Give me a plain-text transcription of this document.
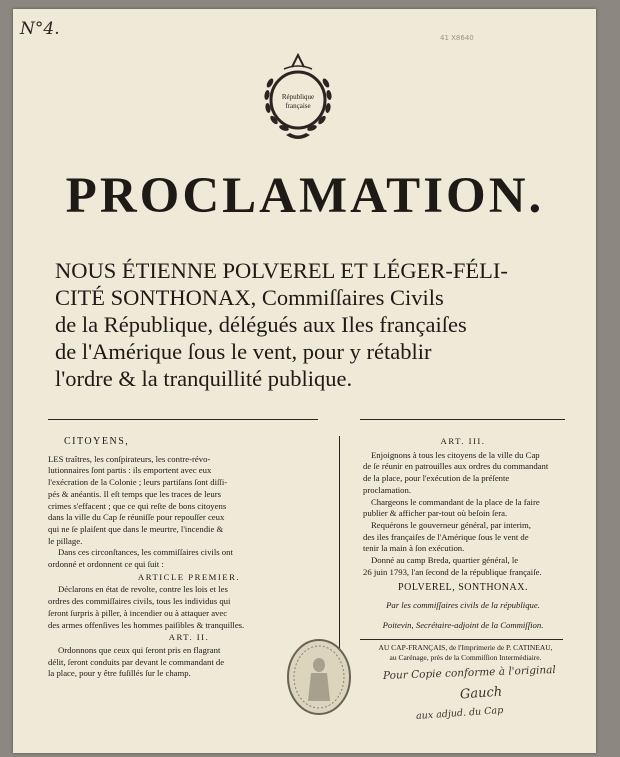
N°4.	41 X8640
République
française
PROCLAMATION.
NOUS ÉTIENNE POLVEREL ET LÉGER-FÉLI-
CITÉ SONTHONAX, Commiſſaires Civils
de la République, délégués aux Iles françaiſes
de l'Amérique ſous le vent, pour y rétablir
l'ordre & la tranquillité publique.

CITOYENS,

LES traîtres, les conſpirateurs, les contre-révo-

lutionnaires ſont partis : ils emportent avec eux

l'exécration de la Colonie ; leurs partiſans ſont diſſi-

pés & anéantis. Il eſt temps que les traces de leurs

crimes s'effacent ; que ce qui reſte de bons citoyens

dans la ville du Cap ſe réuniſſe pour repouſſer ceux

qui ne ſe plaiſent que dans le meurtre, l'incendie &

le pillage.

Dans ces circonſtances, les commiſſaires civils ont

ordonné et ordonnent ce qui ſuit :

ARTICLE PREMIER.

Déclarons en état de revolte, contre les lois et les

ordres des commiſſaires civils, tous les individus qui

ſeront ſurpris à piller, à incendier ou à attaquer avec

des armes offenſives les hommes paiſibles & tranquilles.

ART. II.

Ordonnons que ceux qui ſeront pris en flagrant

délit, ſeront conduits par devant le commandant de

la place, pour y être fuſillés ſur le champ.

ART. III.

Enjoignons à tous les citoyens de la ville du Cap

de ſe réunir en patrouilles aux ordres du commandant

de la place, pour l'exécution de la préſente

proclamation.

Chargeons le commandant de la place de la faire

publier & afficher par-tout où beſoin ſera.

Requérons le gouverneur général, par interim,

des iles françaiſes de l'Amérique ſous le vent de

tenir la main à ſon exécution.

Donné au camp Breda, quartier général, le

26 juin 1793, l'an ſecond de la république françaiſe.

POLVEREL, SONTHONAX.

Par les commiſſaires civils de la république.

Poitevin, Secrétaire-adjoint de la Commiſſion.

AU CAP-FRANÇAIS, de l'Imprimerie de P. CATINEAU,
au Carénage, près de la Commiſſion Intermédiaire.
Pour Copie conforme à l'original
Gauch
aux adjud. du Cap
